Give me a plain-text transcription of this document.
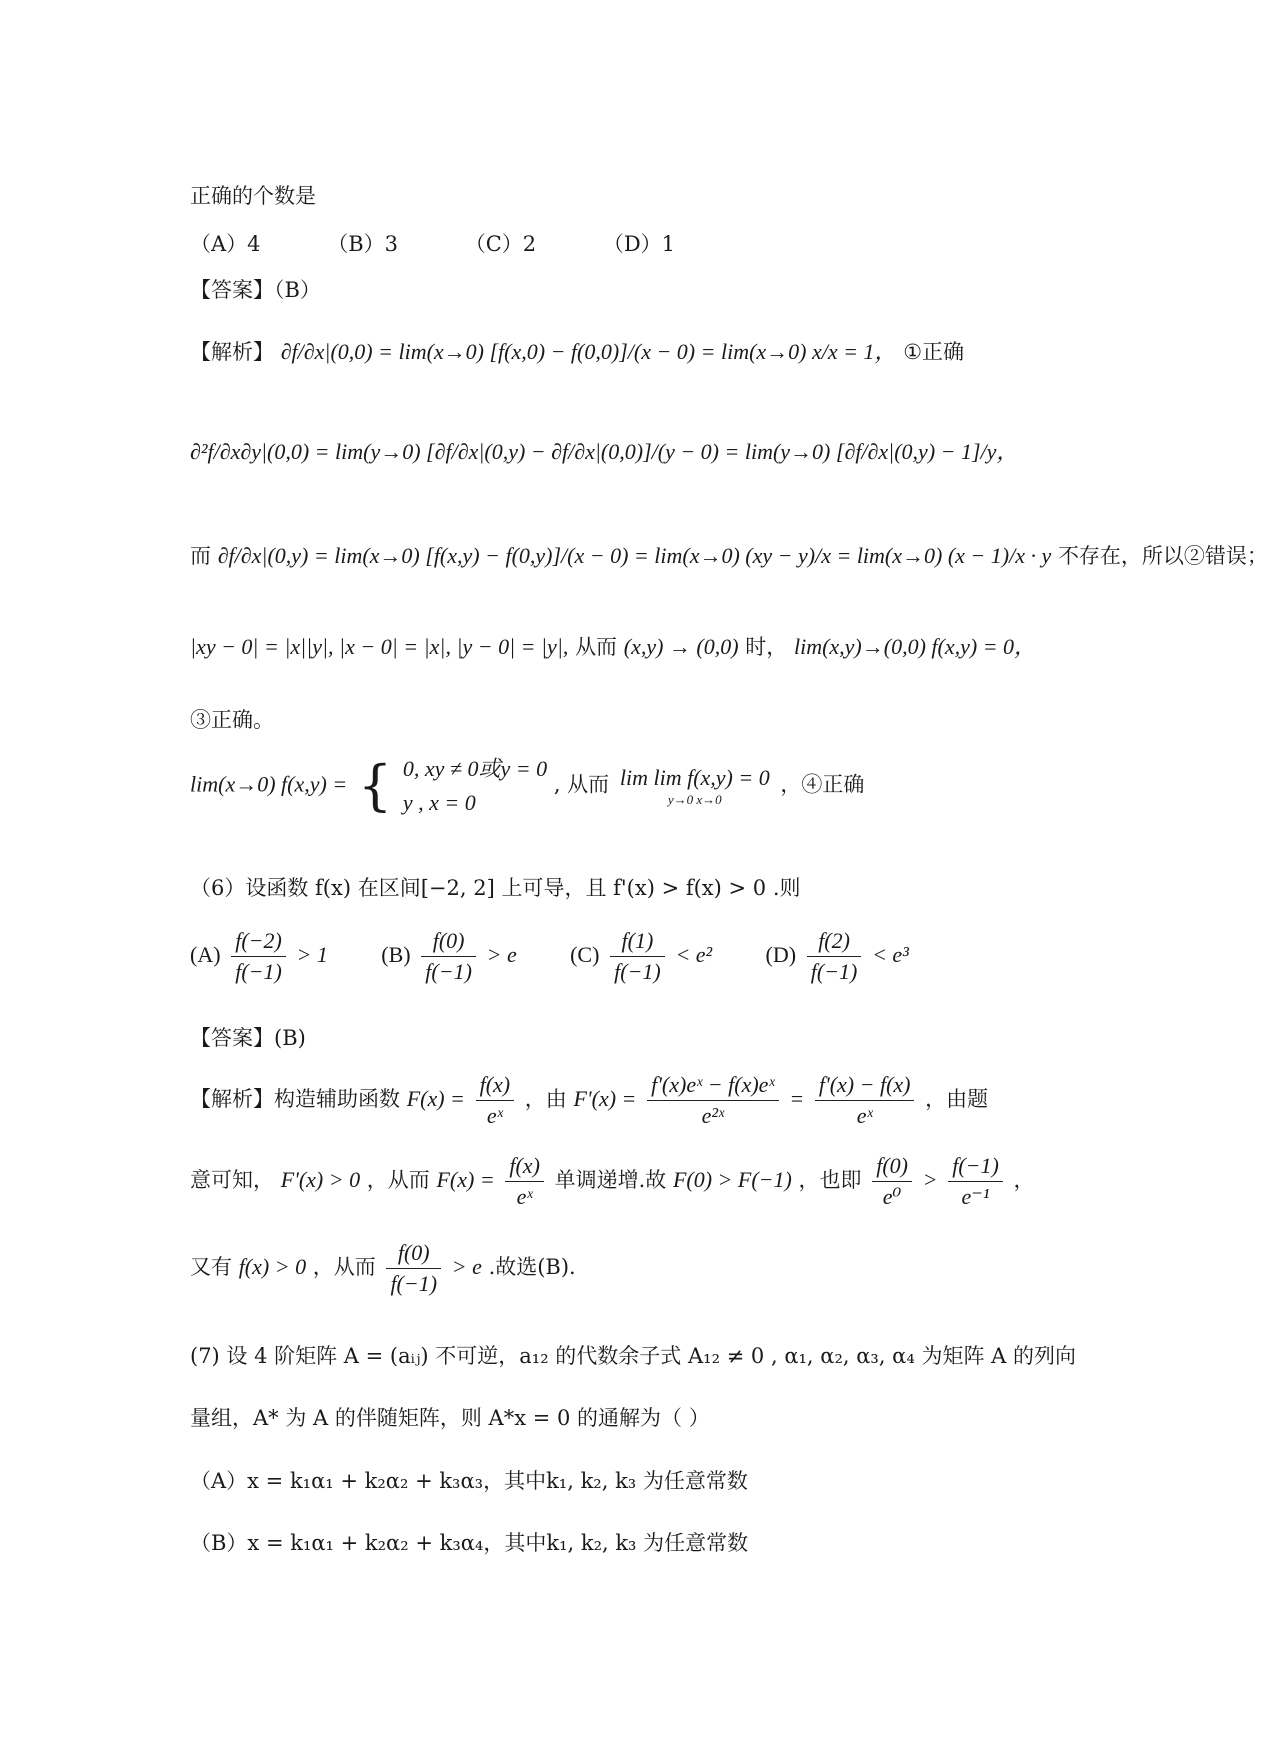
正确的个数是
（A）4	（B）3	（C）2	（D）1
【答案】（B）
【解析】 ∂f/∂x|(0,0) = lim(x→0) [f(x,0) − f(0,0)]/(x − 0) = lim(x→0) x/x = 1， ①正确
∂²f/∂x∂y|(0,0) = lim(y→0) [∂f/∂x|(0,y) − ∂f/∂x|(0,0)]/(y − 0) = lim(y→0) [∂f/∂x|(0,y) − 1]/y，
而 ∂f/∂x|(0,y) = lim(x→0) [f(x,y) − f(0,y)]/(x − 0) = lim(x→0) (xy − y)/x = lim(x→0) (x − 1)/x · y 不存在，所以②错误；
|xy − 0| = |x||y|, |x − 0| = |x|, |y − 0| = |y|, 从而 (x,y) → (0,0) 时， lim(x,y)→(0,0) f(x,y) = 0，
③正确。
lim(x→0) f(x,y) = { 0, xy ≠ 0或y = 0
y , x = 0
, 从而 lim lim f(x,y) = 0
y→0 x→0
，④正确
（6）设函数 f(x) 在区间[−2, 2] 上可导，且 f'(x) > f(x) > 0 .则
$(A) \frac{f(-2)}{f(-1)} > 1$ $(B) \frac{f(0)}{f(-1)} > e$ $(C) \frac{f(1)}{f(-1)} < e^2$ $(D) \frac{f(2)}{f(-1)} < e^3$
【答案】(B)
【解析】构造辅助函数 $F(x) = \frac{f(x)}{\text{eˣ}}$ ，由 $F'(x) = \frac{\text{f'(x)eˣ − f(x)eˣ}}{\text{e²ˣ}} = \frac{f'(x) - f(x)}{\text{eˣ}}$ ，由题
意可知， F'(x) > 0 ，从而 $F(x) = \frac{f(x)}{\text{eˣ}}$ 单调递增.故 F(0) > F(−1) ，也即 $\frac{f(0)}{\text{e⁰}} > \frac{f(-1)}{\text{e⁻¹}}$ ，
又有 f(x) > 0 ，从而 $\frac{f(0)}{f(-1)} > e$ .故选(B).
(7) 设 4 阶矩阵 A = (aᵢⱼ) 不可逆，a₁₂ 的代数余子式 A₁₂ ≠ 0 , α₁, α₂, α₃, α₄ 为矩阵 A 的列向
量组，A* 为 A 的伴随矩阵，则 A*x = 0 的通解为（ ）
（A）x = k₁α₁ + k₂α₂ + k₃α₃，其中k₁, k₂, k₃ 为任意常数
（B）x = k₁α₁ + k₂α₂ + k₃α₄，其中k₁, k₂, k₃ 为任意常数
